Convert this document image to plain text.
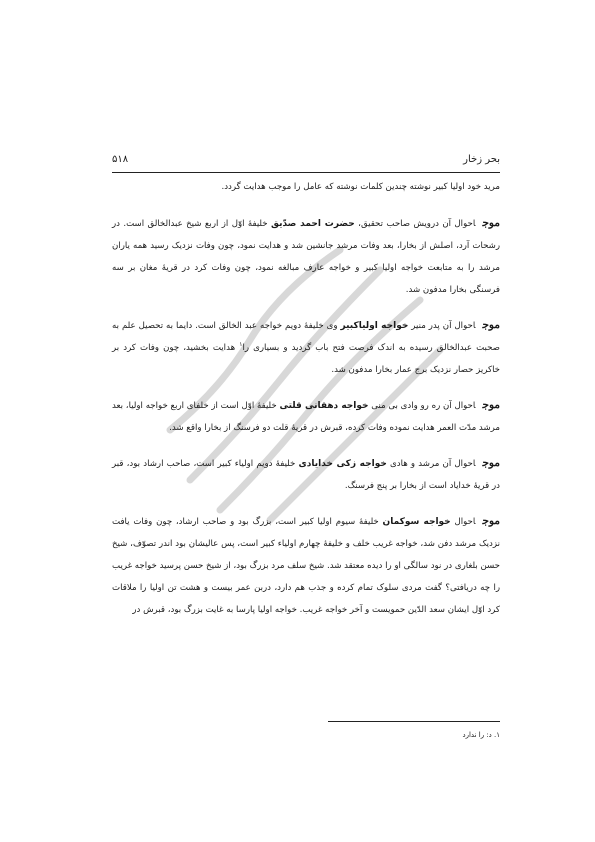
بحر زخار
۵۱۸

مرید خود اولیا کبیر نوشته چندین کلمات نوشته که عامل را موجب هدایت گردد.

موجاحوال آن درویش صاحب تحقیق، حضرت احمد صدّیق خلیفهٔ اوّل از اربع شیخ عبدالخالق است. در رشحات آرد، اصلش از بخارا، بعد وفات مرشد جانشین شد و هدایت نمود، چون وفات نزدیک رسید همه یاران مرشد را به متابعت خواجه اولیا کبیر و خواجه عارف مبالغه نمود، چون وفات کرد در قریهٔ مغان بر سه فرسنگی بخارا مدفون شد.

موجاحوال آن پدر منیر خواجه اولیاکبیر وی خلیفهٔ دویم خواجه عبد الخالق است. دایما به تحصیل علم به صحبت عبدالخالق رسیده به اندک فرصت فتح باب گردید و بسیاری را$^۱$ هدایت بخشید، چون وفات کرد بر خاکریز حصار نزدیک برج عمار بخارا مدفون شد.

موجاحوال آن ره رو وادی بی منی خواجه دهقانی قلتی خلیفهٔ اوّل است از خلفای اربع خواجه اولیا، بعد مرشد مدّت العمر هدایت نموده وفات کرده، قبرش در قریهٔ قلت دو فرسنگ از بخارا واقع شد.

موجاحوال آن مرشد و هادی خواجه زکی خدایادی خلیفهٔ دویم اولیاء کبیر است، صاحب ارشاد بود، قبر در قریهٔ خدایاد است از بخارا بر پنج فرسنگ.

موجاحوال خواجه سوکمان خلیفهٔ سیوم اولیا کبیر است، بزرگ بود و صاحب ارشاد، چون وفات یافت نزدیک مرشد دفن شد، خواجه غریب خلف و خلیفهٔ چهارم اولیاء کبیر است، پس عالیشان بود اندر تصوّف، شیخ حسن بلغاری در نود سالگی او را دیده معتقد شد. شیخ سلف مرد بزرگ بود، از شیخ حسن پرسید خواجه غریب را چه دریافتی؟ گفت مردی سلوک تمام کرده و جذب هم دارد، دربن عمر بیست و هشت تن اولیا را ملاقات کرد اوّل ایشان سعد الدّین حمویست و آخر خواجه غریب. خواجه اولیا پارسا به غایت بزرگ بود، قبرش در

۱. د: را ندارد
